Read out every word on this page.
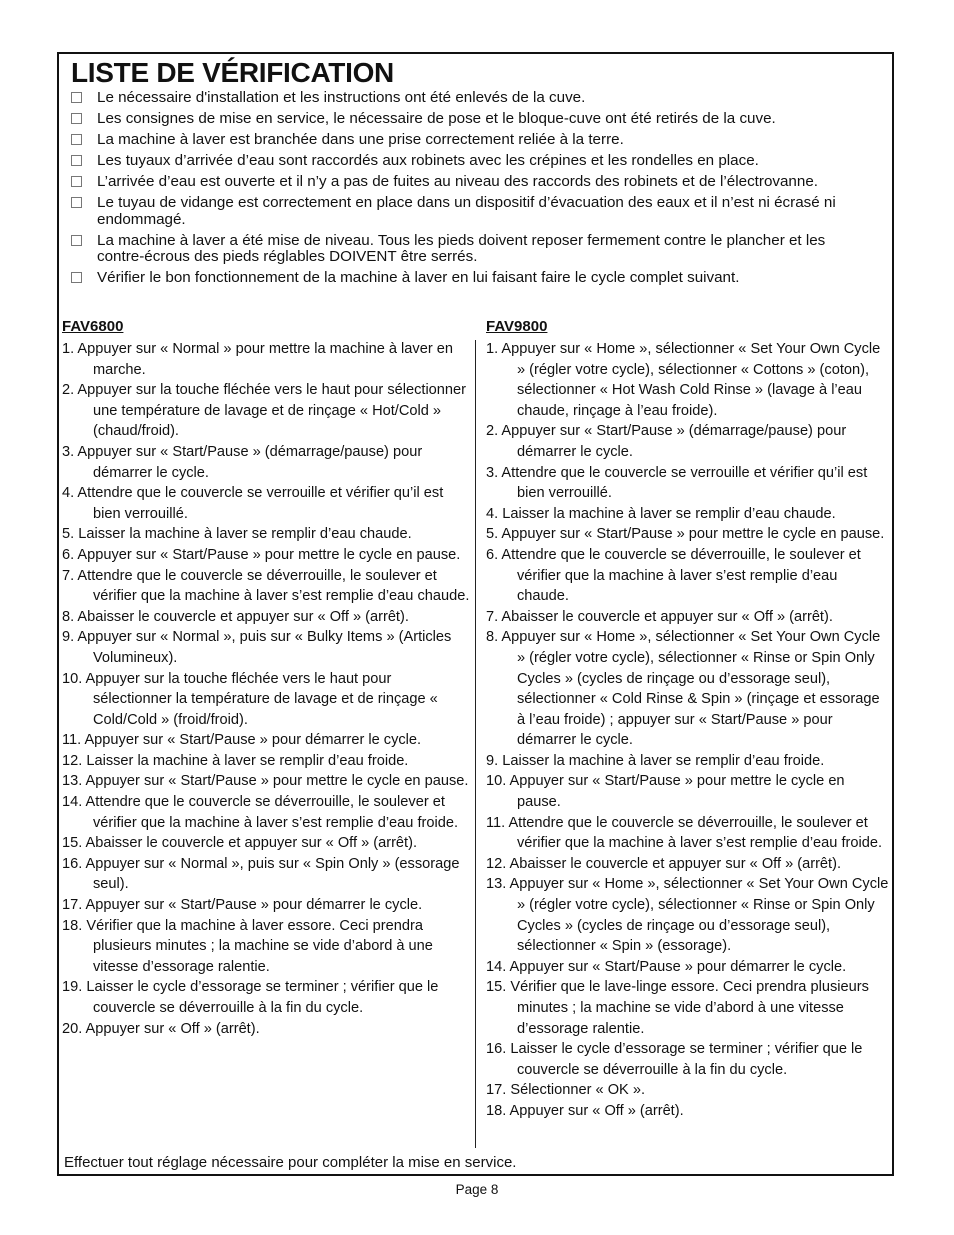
LISTE DE VÉRIFICATION
Le nécessaire d'installation et les instructions ont été enlevés de la cuve.
Les consignes de mise en service, le nécessaire de pose et le bloque-cuve ont été retirés de la cuve.
La machine à laver est branchée dans une prise correctement reliée à la terre.
Les tuyaux d’arrivée d’eau sont raccordés aux robinets avec les crépines et les rondelles en place.
L’arrivée d’eau est ouverte et il n’y a pas de fuites au niveau des raccords des robinets et de l’électrovanne.
Le tuyau de vidange est correctement en place dans un dispositif d’évacuation des eaux et il n’est ni écrasé ni endommagé.
La machine à laver a été mise de niveau. Tous les pieds doivent reposer fermement contre le plancher et les contre-écrous des pieds réglables DOIVENT être serrés.
Vérifier le bon fonctionnement de la machine à laver en lui faisant faire le cycle complet suivant.

FAV6800

1. Appuyer sur « Normal » pour mettre la machine à laver en marche.
2. Appuyer sur la touche fléchée vers le haut pour sélectionner une température de lavage et de rinçage « Hot/Cold » (chaud/froid).
3. Appuyer sur « Start/Pause » (démarrage/pause) pour démarrer le cycle.
4. Attendre que le couvercle se verrouille et vérifier qu’il est bien verrouillé.
5. Laisser la machine à laver se remplir d’eau chaude.
6. Appuyer sur « Start/Pause » pour mettre le cycle en pause.
7. Attendre que le couvercle se déverrouille, le soulever et vérifier que la machine à laver s’est remplie d’eau chaude.
8. Abaisser le couvercle et appuyer sur « Off » (arrêt).
9. Appuyer sur « Normal », puis sur « Bulky Items » (Articles Volumineux).
10. Appuyer sur la touche fléchée vers le haut pour sélectionner la température de lavage et de rinçage « Cold/Cold » (froid/froid).
11. Appuyer sur « Start/Pause » pour démarrer le cycle.
12. Laisser la machine à laver se remplir d’eau froide.
13. Appuyer sur « Start/Pause » pour mettre le cycle en pause.
14. Attendre que le couvercle se déverrouille, le soulever et vérifier que la machine à laver s’est remplie d’eau froide.
15. Abaisser le couvercle et appuyer sur « Off » (arrêt).
16. Appuyer sur « Normal », puis sur « Spin Only » (essorage seul).
17. Appuyer sur « Start/Pause » pour démarrer le cycle.
18. Vérifier que la machine à laver essore. Ceci prendra plusieurs minutes ; la machine se vide d’abord à une vitesse d’essorage ralentie.
19. Laisser le cycle d’essorage se terminer ; vérifier que le couvercle se déverrouille à la fin du cycle.
20. Appuyer sur « Off » (arrêt).

FAV9800

1. Appuyer sur « Home », sélectionner « Set Your Own Cycle » (régler votre cycle), sélectionner « Cottons » (coton), sélectionner « Hot Wash Cold Rinse » (lavage à l’eau chaude, rinçage à l’eau froide).
2. Appuyer sur « Start/Pause » (démarrage/pause) pour démarrer le cycle.
3. Attendre que le couvercle se verrouille et vérifier qu’il est bien verrouillé.
4. Laisser la machine à laver se remplir d’eau chaude.
5. Appuyer sur « Start/Pause » pour mettre le cycle en pause.
6. Attendre que le couvercle se déverrouille, le soulever et vérifier que la machine à laver s’est remplie d’eau chaude.
7. Abaisser le couvercle et appuyer sur « Off » (arrêt).
8. Appuyer sur « Home », sélectionner « Set Your Own Cycle » (régler votre cycle), sélectionner « Rinse or Spin Only Cycles » (cycles de rinçage ou d’essorage seul), sélectionner « Cold Rinse & Spin » (rinçage et essorage à l’eau froide) ; appuyer sur « Start/Pause » pour démarrer le cycle.
9. Laisser la machine à laver se remplir d’eau froide.
10. Appuyer sur « Start/Pause » pour mettre le cycle en pause.
11. Attendre que le couvercle se déverrouille, le soulever et vérifier que la machine à laver s’est remplie d’eau froide.
12. Abaisser le couvercle et appuyer sur « Off » (arrêt).
13. Appuyer sur « Home », sélectionner « Set Your Own Cycle » (régler votre cycle), sélectionner « Rinse or Spin Only Cycles » (cycles de rinçage ou d’essorage seul), sélectionner « Spin » (essorage).
14. Appuyer sur « Start/Pause » pour démarrer le cycle.
15. Vérifier que le lave-linge essore. Ceci prendra plusieurs minutes ; la machine se vide d’abord à une vitesse d’essorage ralentie.
16. Laisser le cycle d’essorage se terminer ; vérifier que le couvercle se déverrouille à la fin du cycle.
17. Sélectionner « OK ».
18. Appuyer sur « Off » (arrêt).

Effectuer tout réglage nécessaire pour compléter la mise en service.

Page 8
